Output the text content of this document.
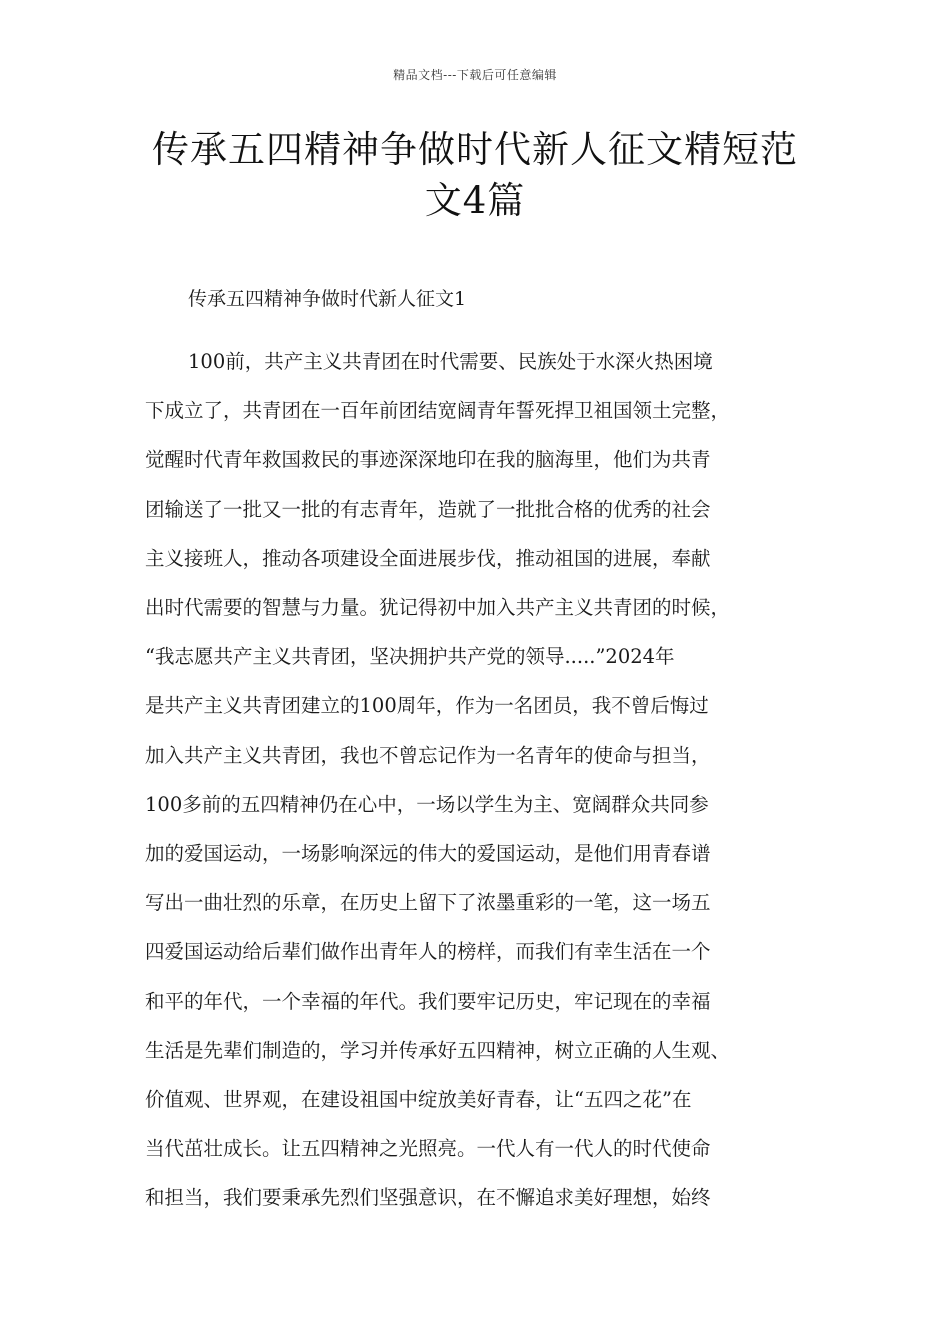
精品文档---下载后可任意编辑
传承五四精神争做时代新人征文精短范
文4篇

传承五四精神争做时代新人征文1

100前，共产主义共青团在时代需要、民族处于水深火热困境
下成立了，共青团在一百年前团结宽阔青年誓死捍卫祖国领土完整，
觉醒时代青年救国救民的事迹深深地印在我的脑海里，他们为共青
团输送了一批又一批的有志青年，造就了一批批合格的优秀的社会
主义接班人，推动各项建设全面进展步伐，推动祖国的进展，奉献
出时代需要的智慧与力量。犹记得初中加入共产主义共青团的时候，
“我志愿共产主义共青团，坚决拥护共产党的领导.....”2024年
是共产主义共青团建立的100周年，作为一名团员，我不曾后悔过
加入共产主义共青团，我也不曾忘记作为一名青年的使命与担当，
100多前的五四精神仍在心中，一场以学生为主、宽阔群众共同参
加的爱国运动，一场影响深远的伟大的爱国运动，是他们用青春谱
写出一曲壮烈的乐章，在历史上留下了浓墨重彩的一笔，这一场五
四爱国运动给后辈们做作出青年人的榜样，而我们有幸生活在一个
和平的年代，一个幸福的年代。我们要牢记历史，牢记现在的幸福
生活是先辈们制造的，学习并传承好五四精神，树立正确的人生观、
价值观、世界观，在建设祖国中绽放美好青春，让“五四之花”在
当代茁壮成长。让五四精神之光照亮。一代人有一代人的时代使命
和担当，我们要秉承先烈们坚强意识，在不懈追求美好理想，始终
